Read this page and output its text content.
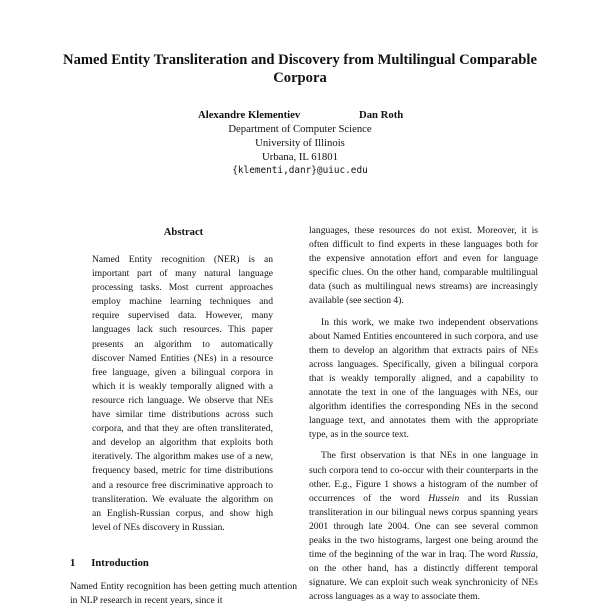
Named Entity Transliteration and Discovery from Multilingual Comparable
Corpora
Alexandre Klementiev	Dan Roth
Department of Computer Science
University of Illinois
Urbana, IL 61801
{klementi,danr}@uiuc.edu
Abstract
Named Entity recognition (NER) is an important part of many natural language processing tasks. Most current approaches employ machine learning techniques and require supervised data. However, many languages lack such resources. This paper presents an algorithm to automatically discover Named Entities (NEs) in a resource free language, given a bilingual corpora in which it is weakly temporally aligned with a resource rich language. We observe that NEs have similar time distributions across such corpora, and that they are often transliterated, and develop an algorithm that exploits both iteratively. The algorithm makes use of a new, frequency based, metric for time distributions and a resource free discriminative approach to transliteration. We evaluate the algorithm on an English-Russian corpus, and show high level of NEs discovery in Russian.
1 Introduction
Named Entity recognition has been getting much attention in NLP research in recent years, since it

languages, these resources do not exist. Moreover, it is often difficult to find experts in these languages both for the expensive annotation effort and even for language specific clues. On the other hand, comparable multilingual data (such as multilingual news streams) are increasingly available (see section 4).

In this work, we make two independent observations about Named Entities encountered in such corpora, and use them to develop an algorithm that extracts pairs of NEs across languages. Specifically, given a bilingual corpora that is weakly temporally aligned, and a capability to annotate the text in one of the languages with NEs, our algorithm identifies the corresponding NEs in the second language text, and annotates them with the appropriate type, as in the source text.

The first observation is that NEs in one language in such corpora tend to co-occur with their counterparts in the other. E.g., Figure 1 shows a histogram of the number of occurrences of the word Hussein and its Russian transliteration in our bilingual news corpus spanning years 2001 through late 2004. One can see several common peaks in the two histograms, largest one being around the time of the beginning of the war in Iraq. The word Russia, on the other hand, has a distinctly different temporal signature. We can exploit such weak synchronicity of NEs across languages as a way to associate them.
